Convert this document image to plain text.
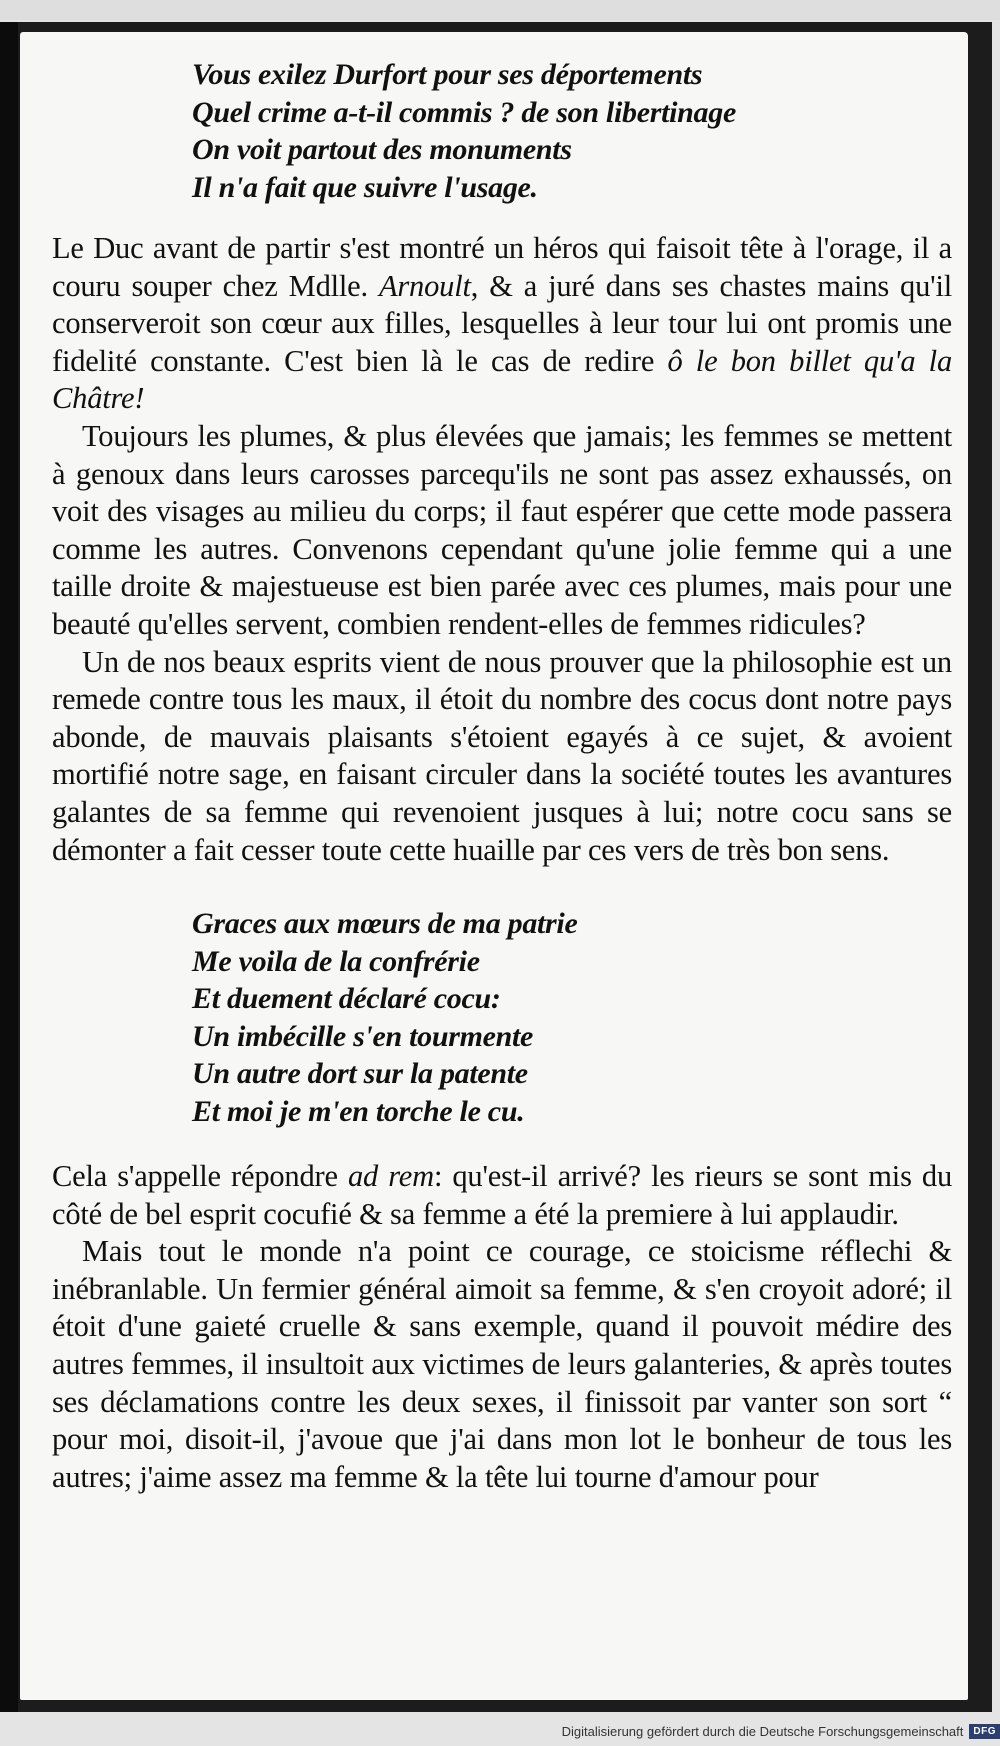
Vous exilez Durfort pour ses déportements
Quel crime a-t-il commis ? de son libertinage
On voit partout des monuments
Il n'a fait que suivre l'usage.

Le Duc avant de partir s'est montré un héros qui faisoit tête à l'orage, il a couru souper chez Mdlle. Arnoult, & a juré dans ses chastes mains qu'il conserveroit son cœur aux filles, lesquelles à leur tour lui ont promis une fidelité constante. C'est bien là le cas de redire ô le bon billet qu'a la Châtre!

Toujours les plumes, & plus élevées que jamais; les femmes se mettent à genoux dans leurs carosses parcequ'ils ne sont pas assez exhaussés, on voit des visages au milieu du corps; il faut espérer que cette mode passera comme les autres. Convenons cependant qu'une jolie femme qui a une taille droite & majestueuse est bien parée avec ces plumes, mais pour une beauté qu'elles servent, combien rendent-elles de femmes ridicules?

Un de nos beaux esprits vient de nous prouver que la philosophie est un remede contre tous les maux, il étoit du nombre des cocus dont notre pays abonde, de mauvais plaisants s'étoient egayés à ce sujet, & avoient mortifié notre sage, en faisant circuler dans la société toutes les avantures galantes de sa femme qui revenoient jusques à lui; notre cocu sans se démonter a fait cesser toute cette huaille par ces vers de très bon sens.

Graces aux mœurs de ma patrie
Me voila de la confrérie
Et duement déclaré cocu:
Un imbécille s'en tourmente
Un autre dort sur la patente
Et moi je m'en torche le cu.

Cela s'appelle répondre ad rem: qu'est-il arrivé? les rieurs se sont mis du côté de bel esprit cocufié & sa femme a été la premiere à lui applaudir.

Mais tout le monde n'a point ce courage, ce stoicisme réflechi & inébranlable. Un fermier général aimoit sa femme, & s'en croyoit adoré; il étoit d'une gaieté cruelle & sans exemple, quand il pouvoit médire des autres femmes, il insultoit aux victimes de leurs galanteries, & après toutes ses déclamations contre les deux sexes, il finissoit par vanter son sort “ pour moi, disoit-il, j'avoue que j'ai dans mon lot le bonheur de tous les autres; j'aime assez ma femme & la tête lui tourne d'amour pour

Digitalisierung gefördert durch die Deutsche Forschungsgemeinschaft	DFG
